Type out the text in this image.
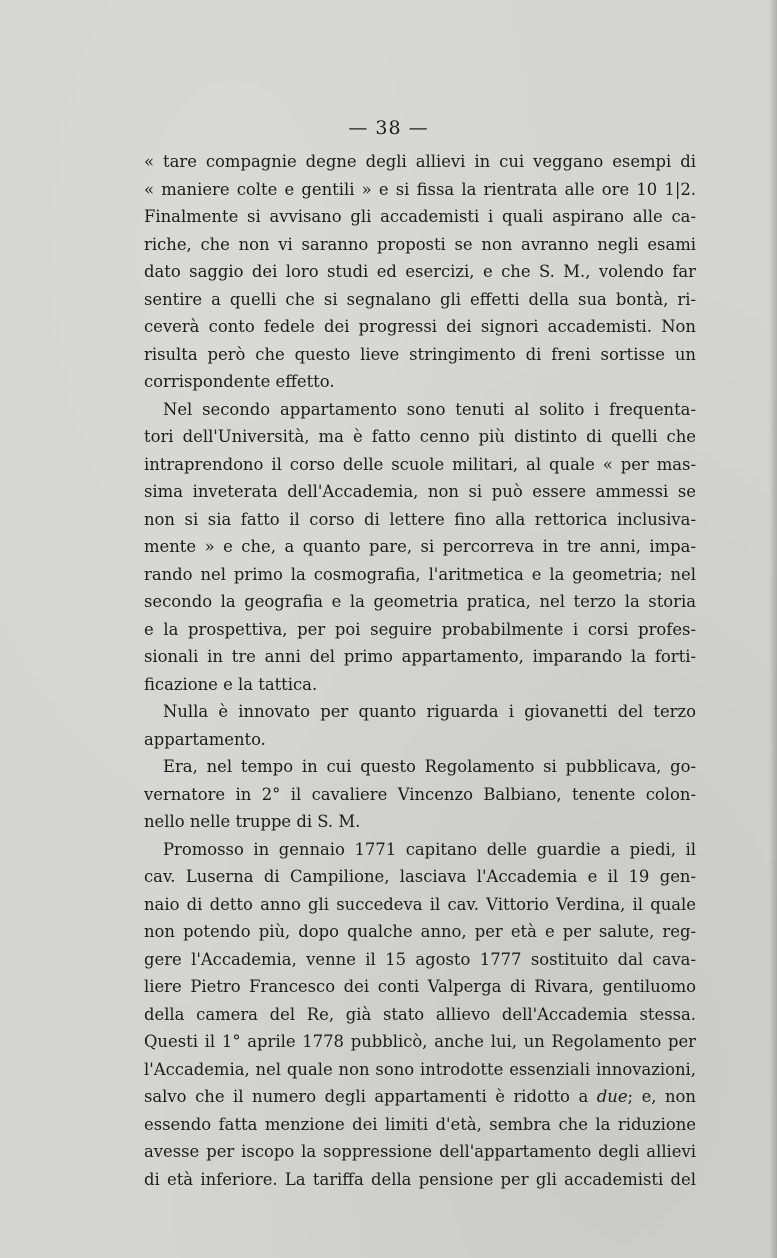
— 38 —
« tare compagnie degne degli allievi in cui veggano esempi di
« maniere colte e gentili » e si fissa la rientrata alle ore 10 1|2.
Finalmente si avvisano gli accademisti i quali aspirano alle ca-
riche, che non vi saranno proposti se non avranno negli esami
dato saggio dei loro studi ed esercizi, e che S. M., volendo far
sentire a quelli che si segnalano gli effetti della sua bontà, ri-
ceverà conto fedele dei progressi dei signori accademisti. Non
risulta però che questo lieve stringimento di freni sortisse un
corrispondente effetto.
Nel secondo appartamento sono tenuti al solito i frequenta-
tori dell'Università, ma è fatto cenno più distinto di quelli che
intraprendono il corso delle scuole militari, al quale « per mas-
sima inveterata dell'Accademia, non si può essere ammessi se
non si sia fatto il corso di lettere fino alla rettorica inclusiva-
mente » e che, a quanto pare, si percorreva in tre anni, impa-
rando nel primo la cosmografia, l'aritmetica e la geometria; nel
secondo la geografia e la geometria pratica, nel terzo la storia
e la prospettiva, per poi seguire probabilmente i corsi profes-
sionali in tre anni del primo appartamento, imparando la forti-
ficazione e la tattica.
Nulla è innovato per quanto riguarda i giovanetti del terzo
appartamento.
Era, nel tempo in cui questo Regolamento si pubblicava, go-
vernatore in 2° il cavaliere Vincenzo Balbiano, tenente colon-
nello nelle truppe di S. M.
Promosso in gennaio 1771 capitano delle guardie a piedi, il
cav. Luserna di Campilione, lasciava l'Accademia e il 19 gen-
naio di detto anno gli succedeva il cav. Vittorio Verdina, il quale
non potendo più, dopo qualche anno, per età e per salute, reg-
gere l'Accademia, venne il 15 agosto 1777 sostituito dal cava-
liere Pietro Francesco dei conti Valperga di Rivara, gentiluomo
della camera del Re, già stato allievo dell'Accademia stessa.
Questi il 1° aprile 1778 pubblicò, anche lui, un Regolamento per
l'Accademia, nel quale non sono introdotte essenziali innovazioni,
salvo che il numero degli appartamenti è ridotto a due; e, non
essendo fatta menzione dei limiti d'età, sembra che la riduzione
avesse per iscopo la soppressione dell'appartamento degli allievi
di età inferiore. La tariffa della pensione per gli accademisti del
